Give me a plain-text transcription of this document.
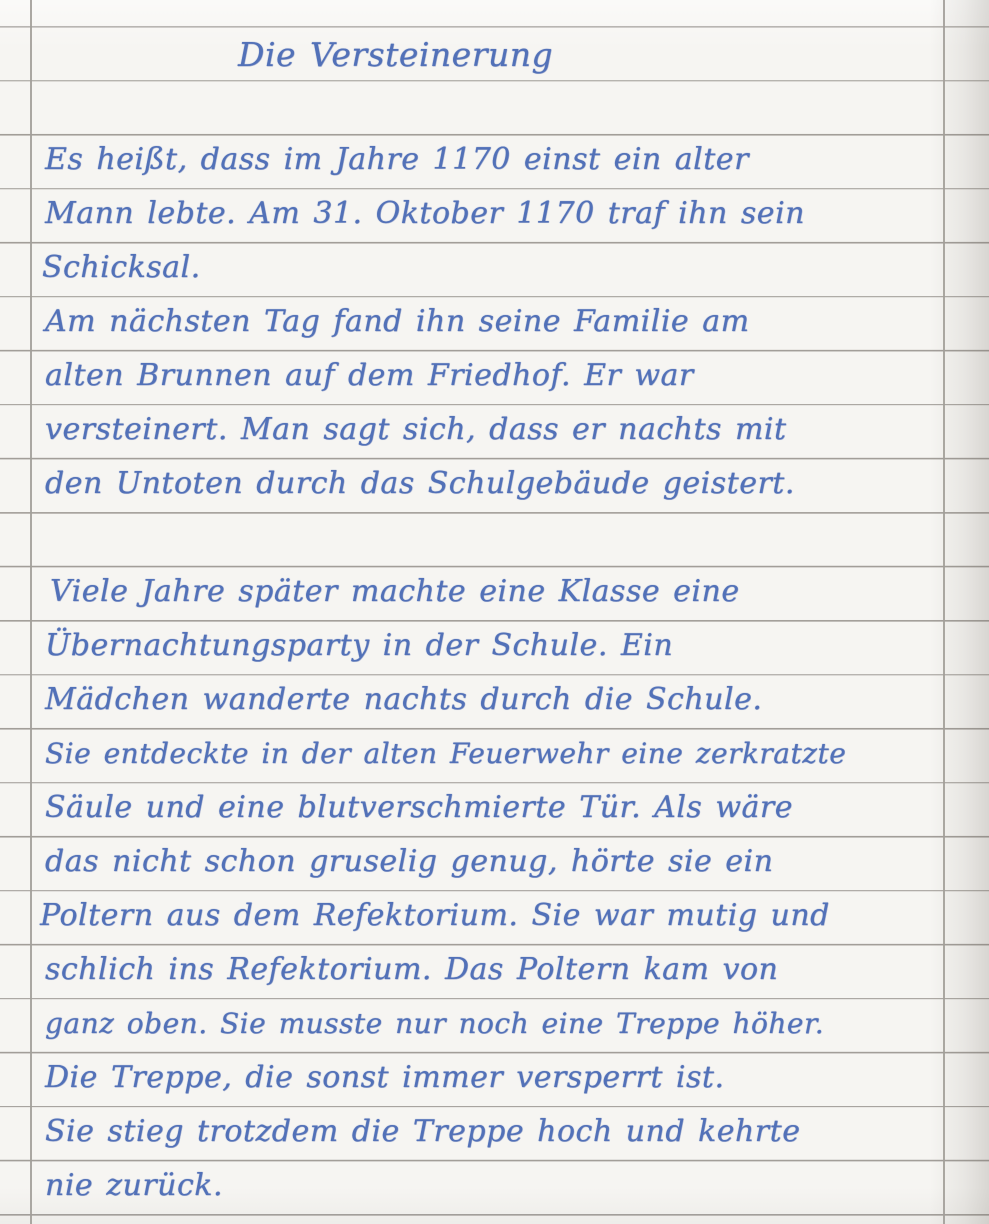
Die Versteinerung
Es heißt, dass im Jahre 1170 einst ein alter
Mann lebte. Am 31. Oktober 1170 traf ihn sein
Schicksal.
Am nächsten Tag fand ihn seine Familie am
alten Brunnen auf dem Friedhof. Er war
versteinert. Man sagt sich, dass er nachts mit
den Untoten durch das Schulgebäude geistert.
Viele Jahre später machte eine Klasse eine
Übernachtungsparty in der Schule. Ein
Mädchen wanderte nachts durch die Schule.
Sie entdeckte in der alten Feuerwehr eine zerkratzte
Säule und eine blutverschmierte Tür. Als wäre
das nicht schon gruselig genug, hörte sie ein
Poltern aus dem Refektorium. Sie war mutig und
schlich ins Refektorium. Das Poltern kam von
ganz oben. Sie musste nur noch eine Treppe höher.
Die Treppe, die sonst immer versperrt ist.
Sie stieg trotzdem die Treppe hoch und kehrte
nie zurück.
